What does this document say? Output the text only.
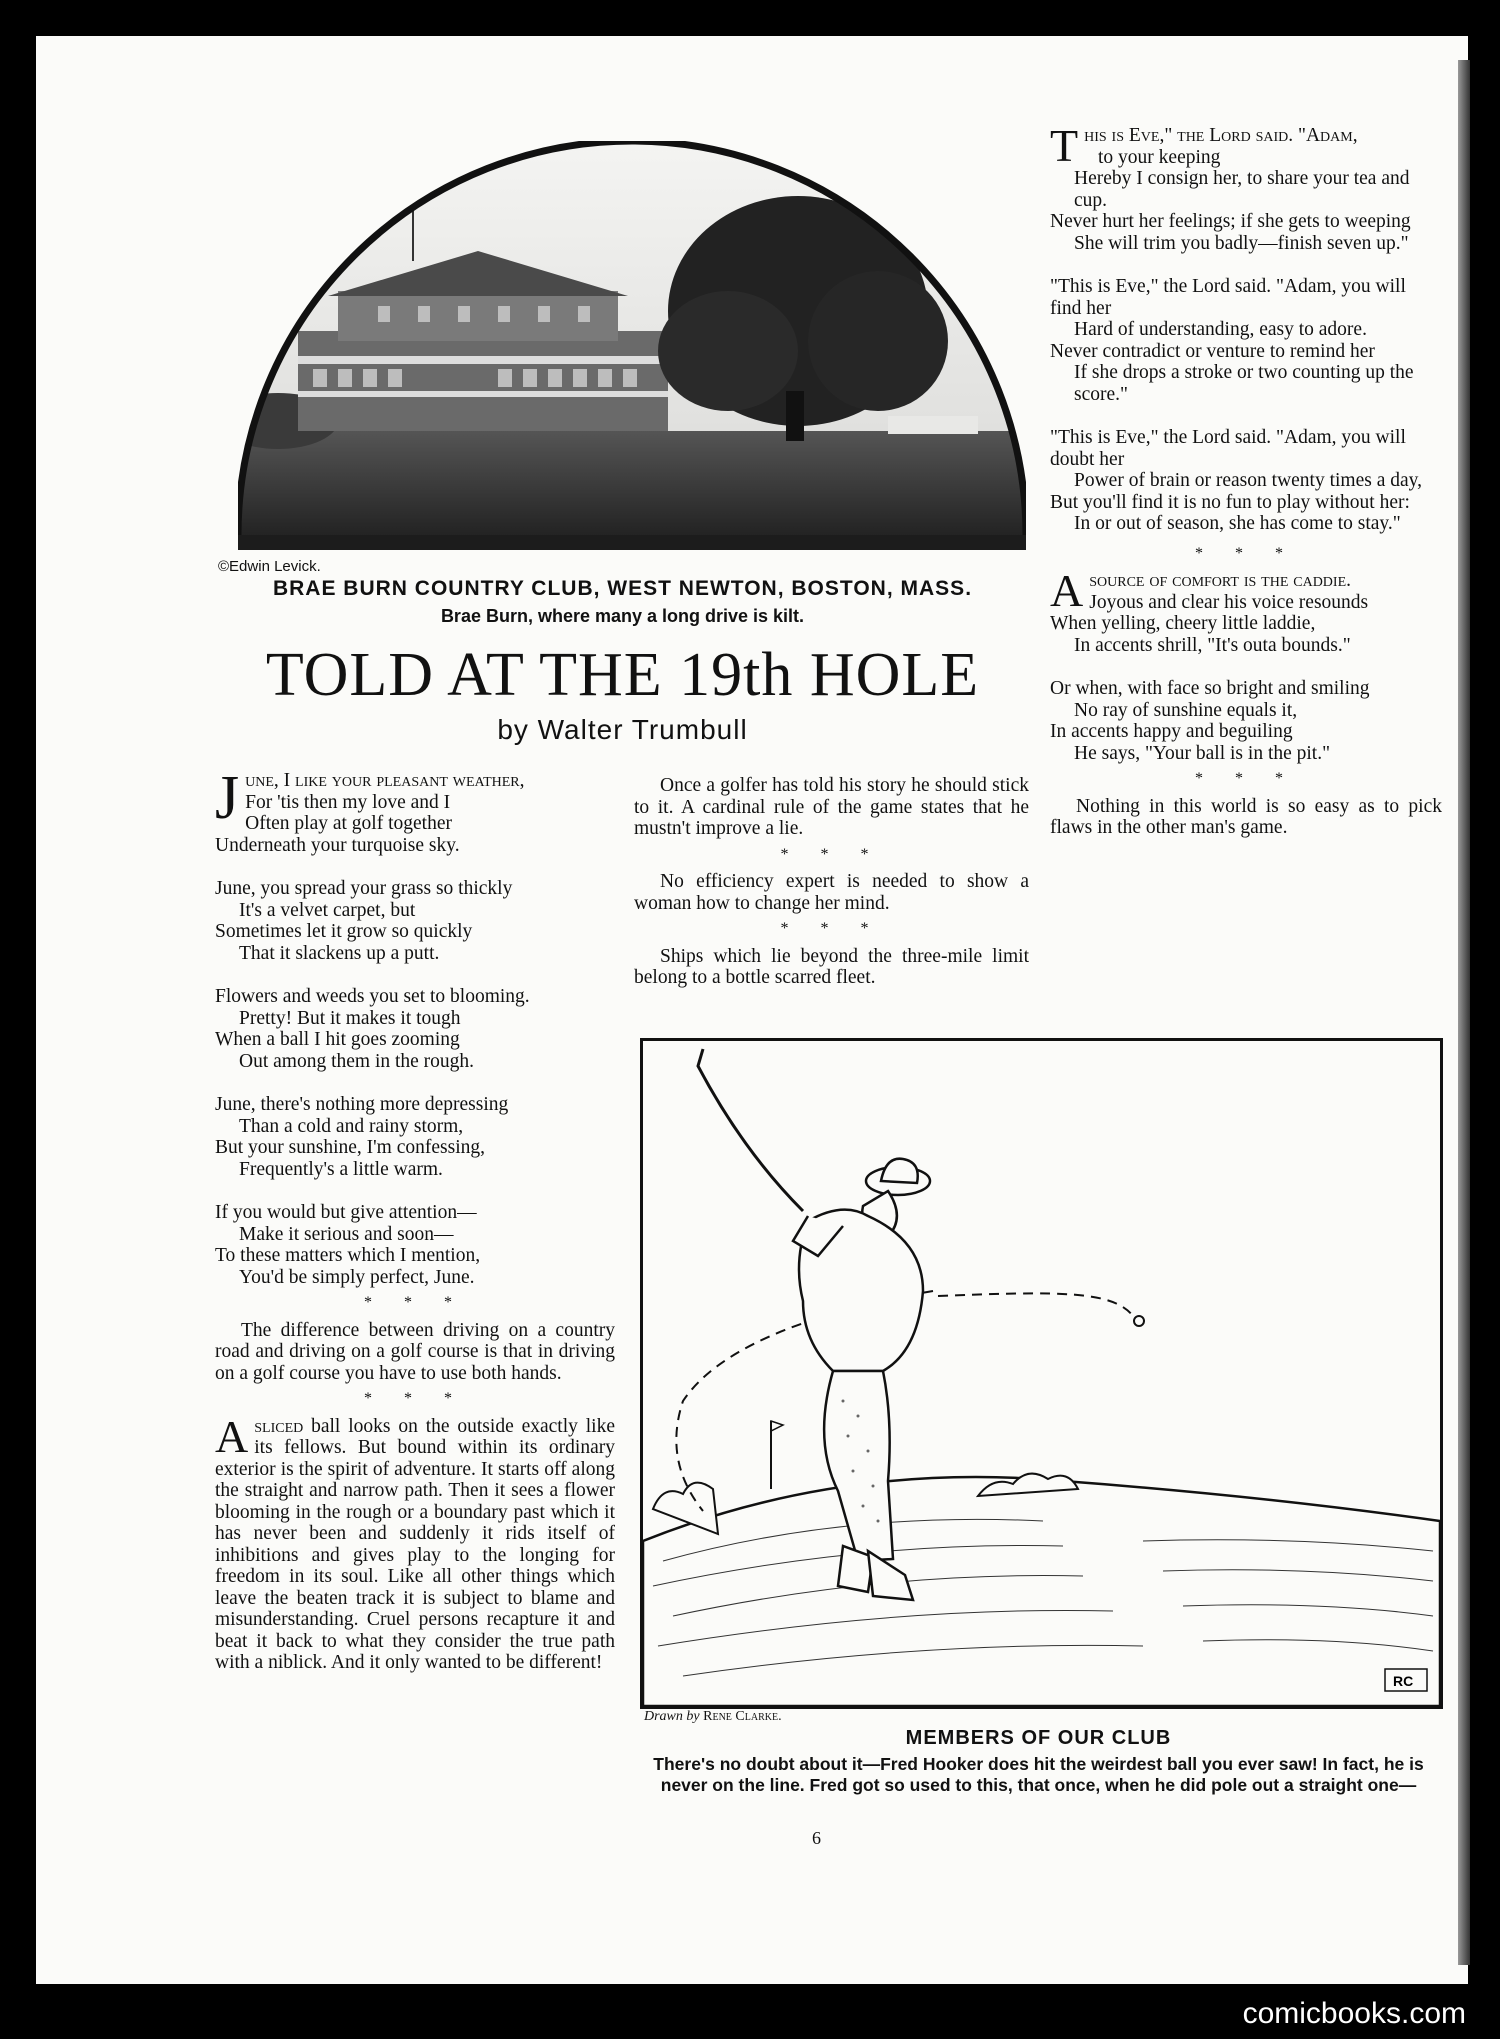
©Edwin Levick.
BRAE BURN COUNTRY CLUB, WEST NEWTON, BOSTON, MASS.
Brae Burn, where many a long drive is kilt.
TOLD AT THE 19th HOLE
by Walter Trumbull
J une, I like your pleasant weather,

For 'tis then my love and I

Often play at golf together

Underneath your turquoise sky.

June, you spread your grass so thickly

It's a velvet carpet, but

Sometimes let it grow so quickly

That it slackens up a putt.

Flowers and weeds you set to blooming.

Pretty! But it makes it tough

When a ball I hit goes zooming

Out among them in the rough.

June, there's nothing more depressing

Than a cold and rainy storm,

But your sunshine, I'm confessing,

Frequently's a little warm.

If you would but give attention—

Make it serious and soon—

To these matters which I mention,

You'd be simply perfect, June.

* * *

The difference between driving on a country road and driving on a golf course is that in driving on a golf course you have to use both hands.

* * *

Asliced ball looks on the outside exactly like its fellows. But bound within its ordinary exterior is the spirit of adventure. It starts off along the straight and narrow path. Then it sees a flower blooming in the rough or a boundary past which it has never been and suddenly it rids itself of inhibitions and gives play to the longing for freedom in its soul. Like all other things which leave the beaten track it is subject to blame and misunderstanding. Cruel persons recapture it and beat it back to what they consider the true path with a niblick. And it only wanted to be different!

Once a golfer has told his story he should stick to it. A cardinal rule of the game states that he mustn't improve a lie.

* * *

No efficiency expert is needed to show a woman how to change her mind.

* * *

Ships which lie beyond the three-mile limit belong to a bottle scarred fleet.

This is Eve," the Lord said. "Adam,

to your keeping

Hereby I consign her, to share your tea and cup.

Never hurt her feelings; if she gets to weeping

She will trim you badly—finish seven up."

"This is Eve," the Lord said. "Adam, you will find her

Hard of understanding, easy to adore.

Never contradict or venture to remind her

If she drops a stroke or two counting up the score."

"This is Eve," the Lord said. "Adam, you will doubt her

Power of brain or reason twenty times a day,

But you'll find it is no fun to play without her:

In or out of season, she has come to stay."

* * *

Asource of comfort is the caddie.

Joyous and clear his voice resounds

When yelling, cheery little laddie,

In accents shrill, "It's outa bounds."

Or when, with face so bright and smiling

No ray of sunshine equals it,

In accents happy and beguiling

He says, "Your ball is in the pit."

* * *

Nothing in this world is so easy as to pick flaws in the other man's game.

RC
Drawn by Rene Clarke.
MEMBERS OF OUR CLUB
There's no doubt about it—Fred Hooker does hit the weirdest ball you ever saw! In fact, he is never on the line. Fred got so used to this, that once, when he did pole out a straight one—
6
comicbooks.com
